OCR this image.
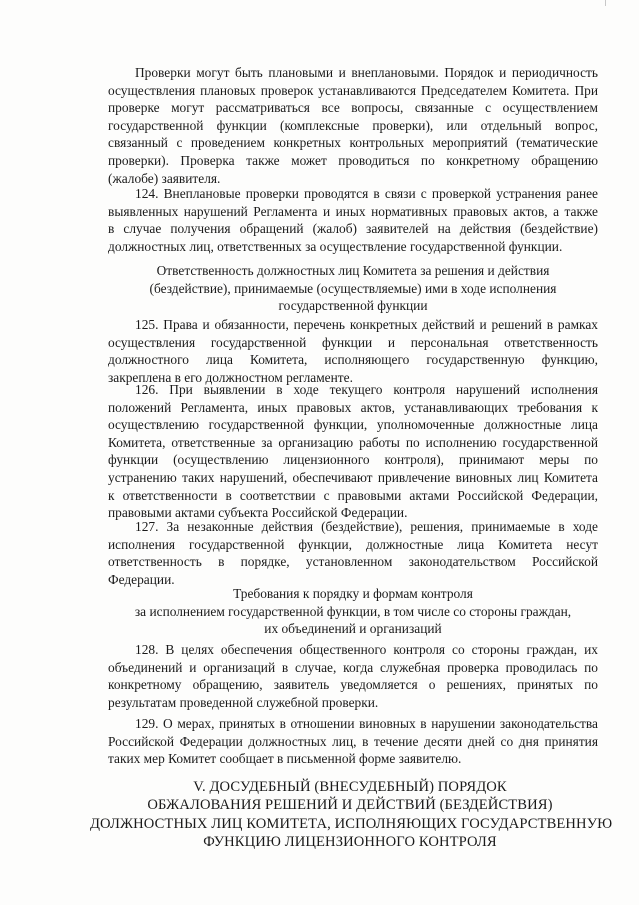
Проверки могут быть плановыми и внеплановыми. Порядок и периодичность
осуществления плановых проверок устанавливаются Председателем Комитета. При
проверке могут рассматриваться все вопросы, связанные с осуществлением
государственной функции (комплексные проверки), или отдельный вопрос,
связанный с проведением конкретных контрольных мероприятий (тематические
проверки). Проверка также может проводиться по конкретному обращению
(жалобе) заявителя.
124. Внеплановые проверки проводятся в связи с проверкой устранения ранее
выявленных нарушений Регламента и иных нормативных правовых актов, а также
в случае получения обращений (жалоб) заявителей на действия (бездействие)
должностных лиц, ответственных за осуществление государственной функции.
Ответственность должностных лиц Комитета за решения и действия
(бездействие), принимаемые (осуществляемые) ими в ходе исполнения
государственной функции
125. Права и обязанности, перечень конкретных действий и решений в рамках
осуществления государственной функции и персональная ответственность
должностного лица Комитета, исполняющего государственную функцию,
закреплена в его должностном регламенте.
126. При выявлении в ходе текущего контроля нарушений исполнения
положений Регламента, иных правовых актов, устанавливающих требования к
осуществлению государственной функции, уполномоченные должностные лица
Комитета, ответственные за организацию работы по исполнению государственной
функции (осуществлению лицензионного контроля), принимают меры по
устранению таких нарушений, обеспечивают привлечение виновных лиц Комитета
к ответственности в соответствии с правовыми актами Российской Федерации,
правовыми актами субъекта Российской Федерации.
127. За незаконные действия (бездействие), решения, принимаемые в ходе
исполнения государственной функции, должностные лица Комитета несут
ответственность в порядке, установленном законодательством Российской
Федерации.
Требования к порядку и формам контроля
за исполнением государственной функции, в том числе со стороны граждан,
их объединений и организаций
128. В целях обеспечения общественного контроля со стороны граждан, их
объединений и организаций в случае, когда служебная проверка проводилась по
конкретному обращению, заявитель уведомляется о решениях, принятых по
результатам проведенной служебной проверки.
129. О мерах, принятых в отношении виновных в нарушении законодательства
Российской Федерации должностных лиц, в течение десяти дней со дня принятия
таких мер Комитет сообщает в письменной форме заявителю.
V. ДОСУДЕБНЫЙ (ВНЕСУДЕБНЫЙ) ПОРЯДОК
ОБЖАЛОВАНИЯ РЕШЕНИЙ И ДЕЙСТВИЙ (БЕЗДЕЙСТВИЯ)
ДОЛЖНОСТНЫХ ЛИЦ КОМИТЕТА, ИСПОЛНЯЮЩИХ ГОСУДАРСТВЕННУЮ
ФУНКЦИЮ ЛИЦЕНЗИОННОГО КОНТРОЛЯ
